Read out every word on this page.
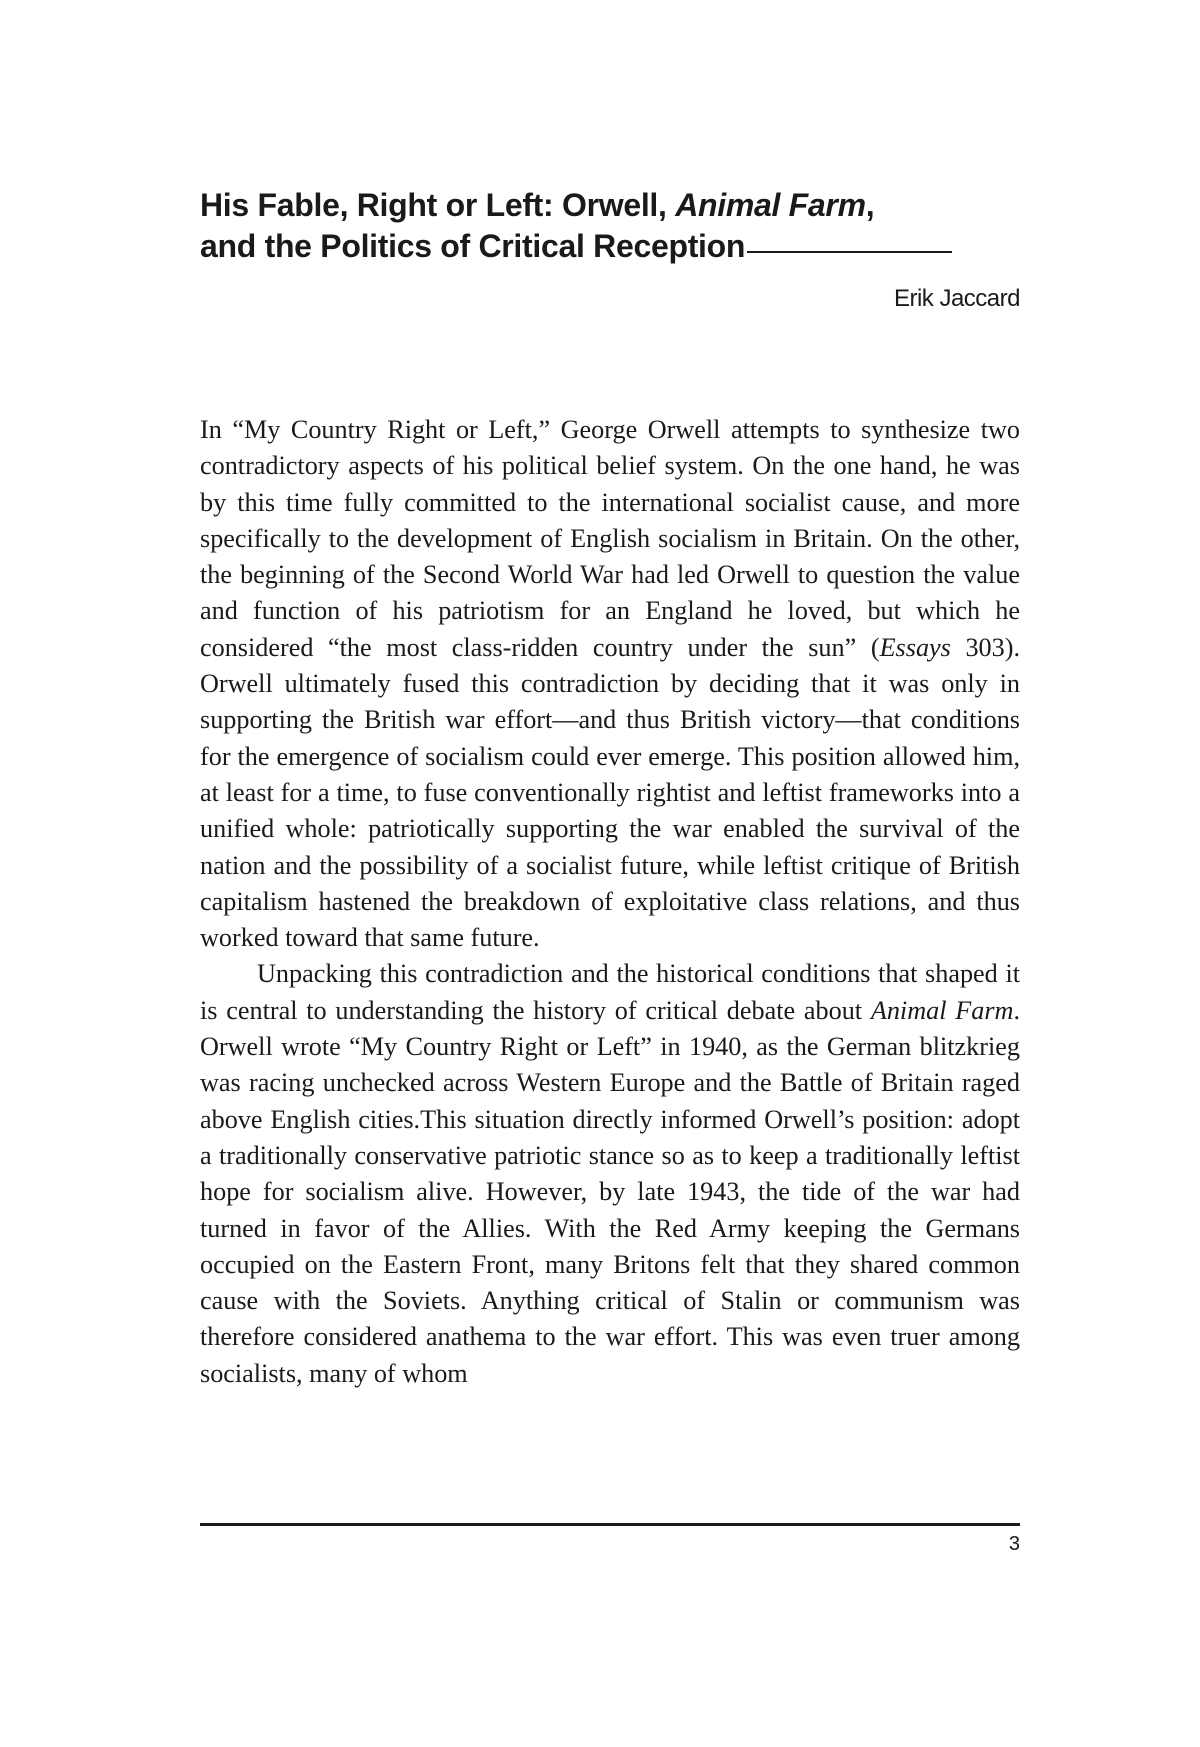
His Fable, Right or Left: Orwell, Animal Farm,
and the Politics of Critical Reception
Erik Jaccard

In “My Country Right or Left,” George Orwell attempts to synthesize two contradictory aspects of his political belief system. On the one hand, he was by this time fully committed to the international socialist cause, and more specifically to the development of English socialism in Britain. On the other, the beginning of the Second World War had led Orwell to question the value and function of his patriotism for an England he loved, but which he considered “the most class-ridden country under the sun” (Essays 303). Orwell ultimately fused this contradiction by deciding that it was only in supporting the British war effort—and thus British victory—that conditions for the emergence of socialism could ever emerge. This position allowed him, at least for a time, to fuse conventionally rightist and leftist frameworks into a unified whole: patriotically supporting the war enabled the survival of the nation and the possibility of a socialist future, while leftist critique of British capitalism hastened the breakdown of exploitative class relations, and thus worked toward that same future.

Unpacking this contradiction and the historical conditions that shaped it is central to understanding the history of critical debate about Animal Farm. Orwell wrote “My Country Right or Left” in 1940, as the German blitzkrieg was racing unchecked across Western Europe and the Battle of Britain raged above English cities.This situation directly informed Orwell’s position: adopt a traditionally conservative patriotic stance so as to keep a traditionally leftist hope for socialism alive. However, by late 1943, the tide of the war had turned in favor of the Allies. With the Red Army keeping the Germans occupied on the Eastern Front, many Britons felt that they shared common cause with the Soviets. Anything critical of Stalin or communism was therefore considered anathema to the war effort. This was even truer among socialists, many of whom

3
